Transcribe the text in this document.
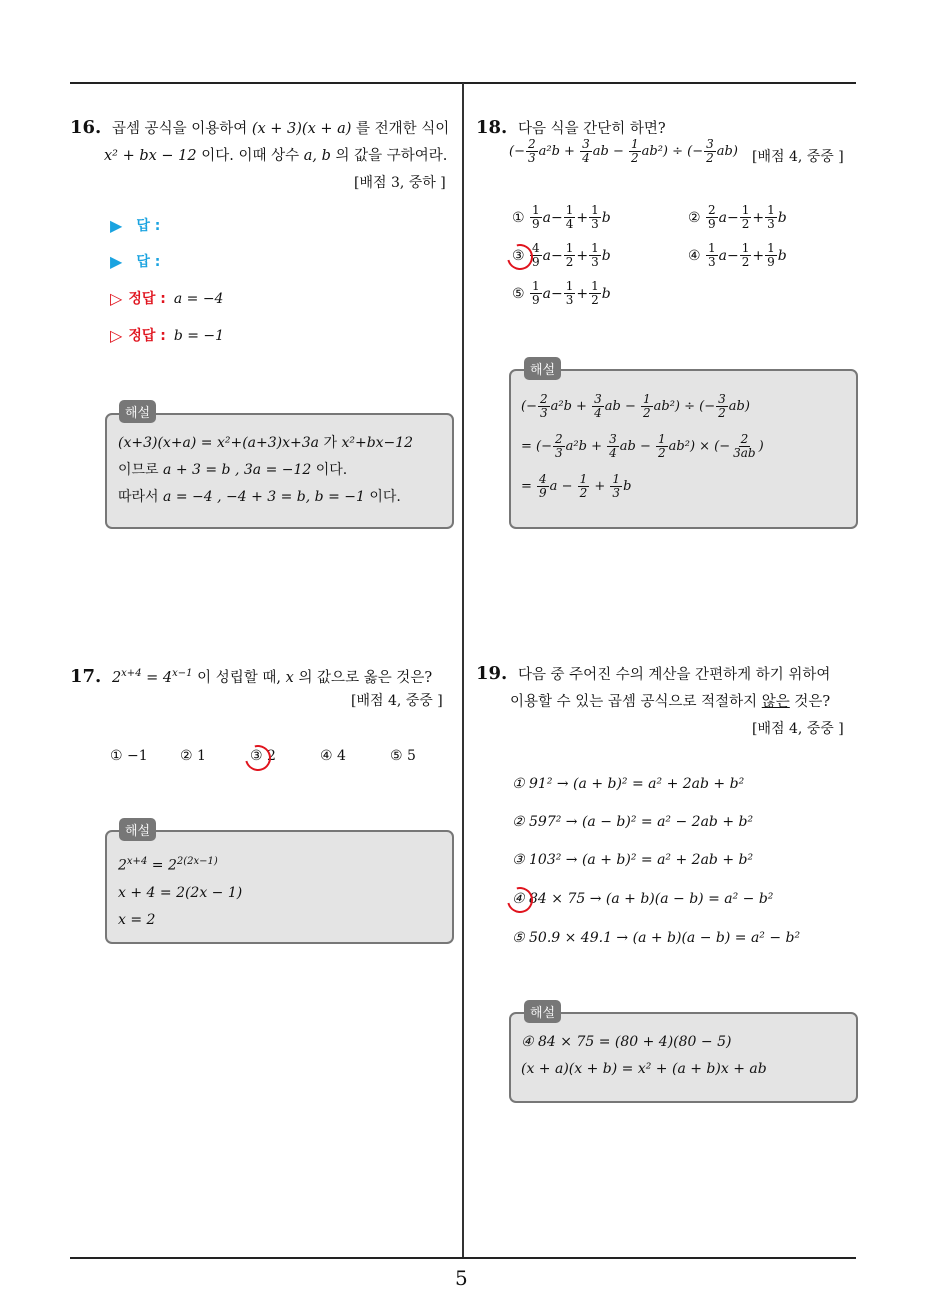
5
16. 곱셈 공식을 이용하여 (x + 3)(x + a) 를 전개한 식이
x² + bx − 12 이다. 이때 상수 a, b 의 값을 구하여라.
[배점 3, 중하 ]
▶ 답 :
▶ 답 :
▷ 정답 : a = −4
▷ 정답 : b = −1
해설
(x+3)(x+a) = x²+(a+3)x+3a 가 x²+bx−12
이므로 a + 3 = b , 3a = −12 이다.
따라서 a = −4 , −4 + 3 = b, b = −1 이다.
17. $2^{x+4} = 4^{x-1}$ 이 성립할 때, x 의 값으로 옳은 것은?
[배점 4, 중중 ]
① −1 ② 1	③ 2	④ 4	⑤ 5
해설
$2^{x+4} = 2^{2(2x-1)}$
x + 4 = 2(2x − 1)
x = 2
18. 다음 식을 간단히 하면?
(− $\frac{2}{3} a^2b + \frac{3}{4}$ ab − $\frac{1}{2} ab^2$) ÷ (− $\frac{3}{2} ab$) [배점 4, 중중 ]
①
$\frac{1}{9}$ $a - \frac{1}{4} + \frac{1}{3}$ b	②
$\frac{2}{9}$ $a - \frac{1}{2} + \frac{1}{3}$ b
③
$\frac{4}{9}$ $a - \frac{1}{2} + \frac{1}{3}$ b	④
$\frac{1}{3}$ $a - \frac{1}{2} + \frac{1}{9}$ b
⑤
$\frac{1}{9}$ $a - \frac{1}{3} + \frac{1}{2}$ b
해설
(− $\frac{2}{3} a^2b + \frac{3}{4}$ ab − $\frac{1}{2} ab^2$) ÷ (− $\frac{3}{2} ab$)
= (− $\frac{2}{3} a^2b + \frac{3}{4}$ ab − $\frac{1}{2} ab^2$) × (− $\frac{2}{3ab}$ )
= $\frac{4}{9}$ $a - \frac{1}{2} + \frac{1}{3}$ b
19. 다음 중 주어진 수의 계산을 간편하게 하기 위하여
이용할 수 있는 곱셈 공식으로 적절하지 않은 것은?
[배점 4, 중중 ]
① 91² → (a + b)² = a² + 2ab + b²
② 597² → (a − b)² = a² − 2ab + b²
③ 103² → (a + b)² = a² + 2ab + b²
④ 84 × 75 → (a + b)(a − b) = a² − b²
⑤ 50.9 × 49.1 → (a + b)(a − b) = a² − b²
해설
④ 84 × 75 = (80 + 4)(80 − 5)
(x + a)(x + b) = x² + (a + b)x + ab
